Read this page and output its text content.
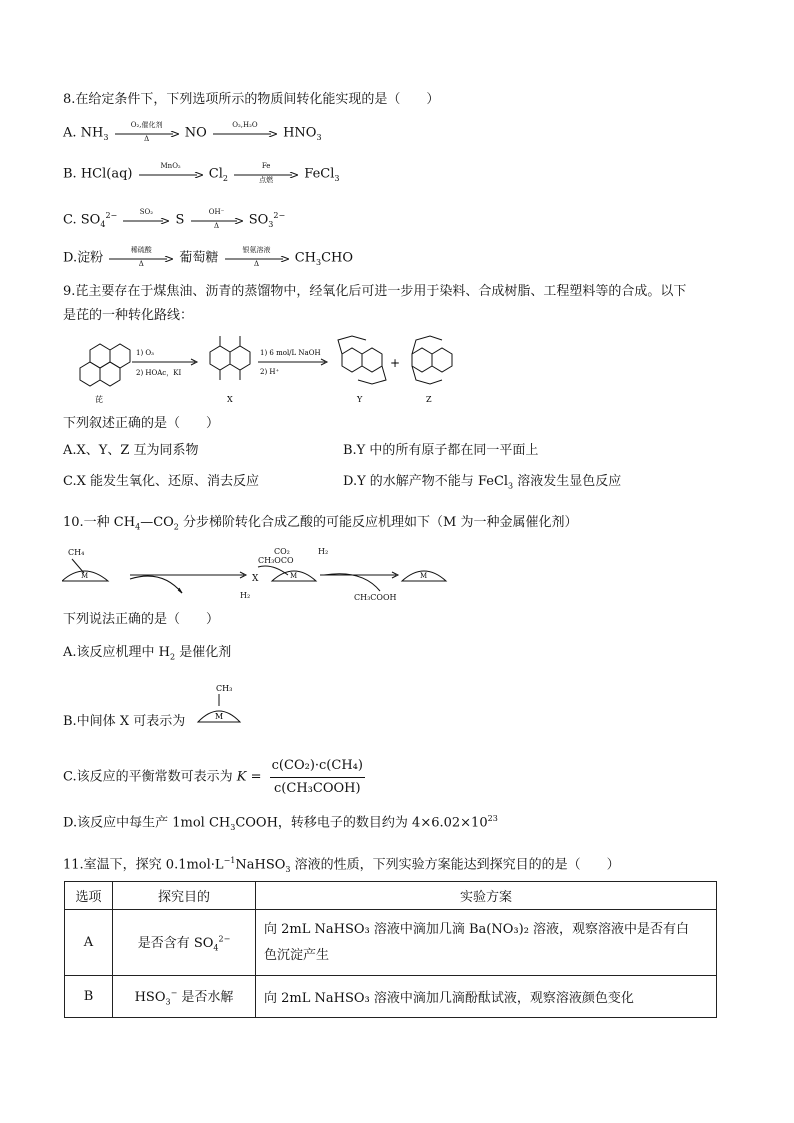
8.在给定条件下，下列选项所示的物质间转化能实现的是（　　）
A. $NH_3$
O₂,催化剂
Δ	NO
O₂,H₂O
$HNO_3$
B. HCl(aq)
MnO₂
$Cl_2$
Fe
点燃	FeCl$_3$
C. $SO_4^{2-}$	SO₂
S
OH⁻
Δ	$SO_3^{2-}$
D.淀粉
稀硫酸
Δ	葡萄糖
银氨溶液
Δ	$CH_3CHO$
9.芘主要存在于煤焦油、沥青的蒸馏物中，经氧化后可进一步用于染料、合成树脂、工程塑料等的合成。以下
是芘的一种转化路线：
芘
1) O₃
2) HOAc，KI
X
1) 6 mol/L NaOH
2) H⁺
Y
+
Z
下列叙述正确的是（　　）
A.X、Y、Z 互为同系物	B.Y 中的所有原子都在同一平面上
C.X 能发生氧化、还原、消去反应	D.Y 的水解产物不能与 FeCl$_3$ 溶液发生显色反应
10.一种 $CH_4—CO_2$ 分步梯阶转化合成乙酸的可能反应机理如下（M 为一种金属催化剂）
CH₄
X
CO₂
H₂
CH₃OCO
H₂
CH₃COOH
M	M	M
下列说法正确的是（　　）
A.该反应机理中 $H_2$ 是催化剂
B.中间体 X 可表示为
CH₃
M
C.该反应的平衡常数可表示为 $K = \frac{\text{c(CO₂)·c(CH₄)}}{\text{c(CH₃COOH)}}$
D.该反应中每生产 1mol $CH_3COOH$，转移电子的数目约为 $4\times 6.02\times 10^{23}$
11.室温下，探究 $0.1mol\cdot L^{-1}NaHSO_3$ 溶液的性质，下列实验方案能达到探究目的的是（　　）
选项	探究目的	实验方案
A	是否含有 $SO_4^{2-}$	向 2mL NaHSO₃ 溶液中滴加几滴 Ba(NO₃)₂ 溶液，观察溶液中是否有白
色沉淀产生

B	$HSO_3^-$ 是否水解	向 2mL NaHSO₃ 溶液中滴加几滴酚酞试液，观察溶液颜色变化
